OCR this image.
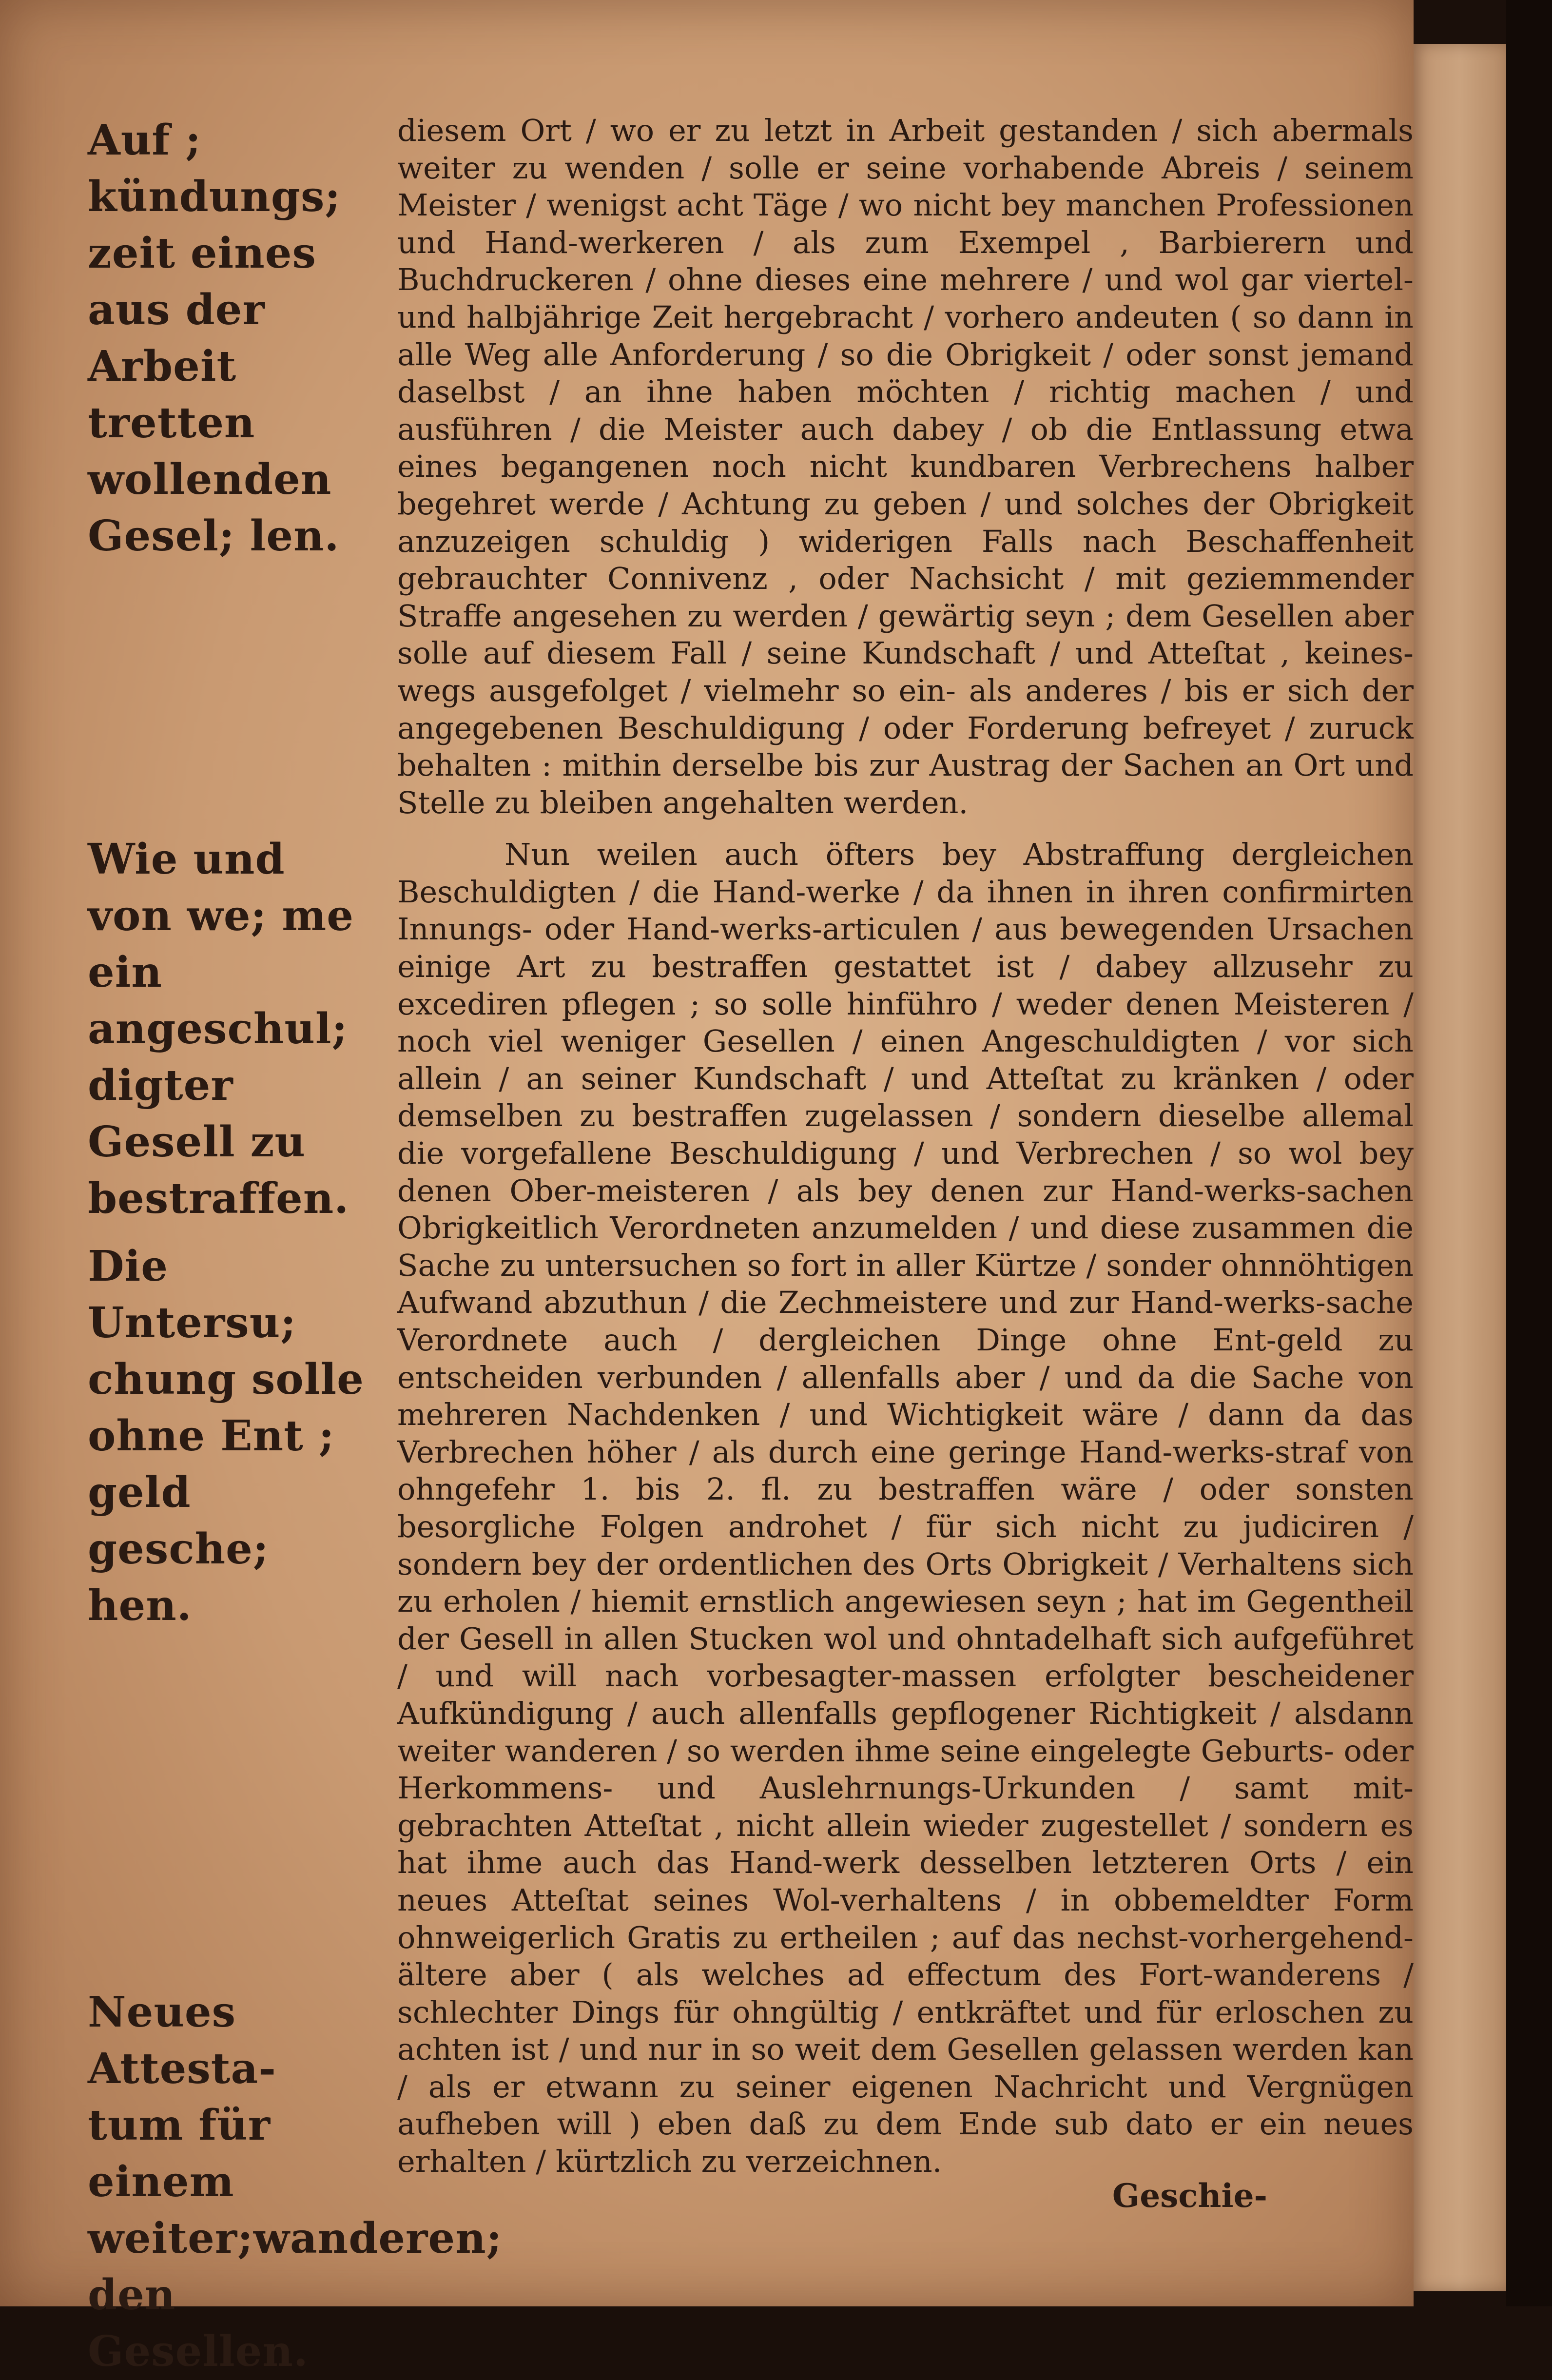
Auf ; kündungs; zeit eines aus der Arbeit tretten wollenden Gesel; len.
Wie und von we; me ein angeschul; digter Gesell zu bestraffen.
Die Untersu; chung solle ohne Ent ; geld gesche; hen.
Neues Attesta- tum für einem weiter;wanderen; den Gesellen.

diesem Ort / wo er zu letzt in Arbeit gestanden / sich abermals weiter zu wenden / solle er seine vorhabende Abreis / seinem Meister / wenigst acht Täge / wo nicht bey manchen Professionen und Hand-werkeren / als zum Exempel , Barbierern und Buchdruckeren / ohne dieses eine mehrere / und wol gar viertel- und halbjährige Zeit hergebracht / vorhero andeuten ( so dann in alle Weg alle Anforderung / so die Obrigkeit / oder sonst jemand daselbst / an ihne haben möchten / richtig machen / und ausführen / die Meister auch dabey / ob die Entlassung etwa eines begangenen noch nicht kundbaren Verbrechens halber begehret werde / Achtung zu geben / und solches der Obrigkeit anzuzeigen schuldig ) widerigen Falls nach Beschaffenheit gebrauchter Connivenz , oder Nachsicht / mit geziemmender Straffe angesehen zu werden / gewärtig seyn ; dem Gesellen aber solle auf diesem Fall / seine Kundschaft / und Atteſtat , keines-wegs ausgefolget / vielmehr so ein- als anderes / bis er sich der angegebenen Beschuldigung / oder Forderung befreyet / zuruck behalten : mithin derselbe bis zur Austrag der Sachen an Ort und Stelle zu bleiben angehalten werden.

Nun weilen auch öfters bey Abstraffung dergleichen Beschuldigten / die Hand-werke / da ihnen in ihren confirmirten Innungs- oder Hand-werks-articulen / aus bewegenden Ursachen einige Art zu bestraffen gestattet ist / dabey allzusehr zu excediren pflegen ; so solle hinführo / weder denen Meisteren / noch viel weniger Gesellen / einen Angeschuldigten / vor sich allein / an seiner Kundschaft / und Atteſtat zu kränken / oder demselben zu bestraffen zugelassen / sondern dieselbe allemal die vorgefallene Beschuldigung / und Verbrechen / so wol bey denen Ober-meisteren / als bey denen zur Hand-werks-sachen Obrigkeitlich Verordneten anzumelden / und diese zusammen die Sache zu untersuchen so fort in aller Kürtze / sonder ohnnöhtigen Aufwand abzuthun / die Zechmeistere und zur Hand-werks-sache Verordnete auch / dergleichen Dinge ohne Ent-geld zu entscheiden verbunden / allenfalls aber / und da die Sache von mehreren Nachdenken / und Wichtigkeit wäre / dann da das Verbrechen höher / als durch eine geringe Hand-werks-straf von ohngefehr 1. bis 2. fl. zu bestraffen wäre / oder sonsten besorgliche Folgen androhet / für sich nicht zu judiciren / sondern bey der ordentlichen des Orts Obrigkeit / Verhaltens sich zu erholen / hiemit ernstlich angewiesen seyn ; hat im Gegentheil der Gesell in allen Stucken wol und ohntadelhaft sich aufgeführet / und will nach vorbesagter-massen erfolgter bescheidener Aufkündigung / auch allenfalls gepflogener Richtigkeit / alsdann weiter wanderen / so werden ihme seine eingelegte Geburts- oder Herkommens- und Auslehrnungs-Urkunden / samt mit-gebrachten Atteſtat , nicht allein wieder zugestellet / sondern es hat ihme auch das Hand-werk desselben letzteren Orts / ein neues Atteſtat seines Wol-verhaltens / in obbemeldter Form ohnweigerlich Gratis zu ertheilen ; auf das nechst-vorhergehend-ältere aber ( als welches ad effectum des Fort-wanderens / schlechter Dings für ohngültig / entkräftet und für erloschen zu achten ist / und nur in so weit dem Gesellen gelassen werden kan / als er etwann zu seiner eigenen Nachricht und Vergnügen aufheben will ) eben daß zu dem Ende sub dato er ein neues erhalten / kürtzlich zu verzeichnen.

Geschie-
